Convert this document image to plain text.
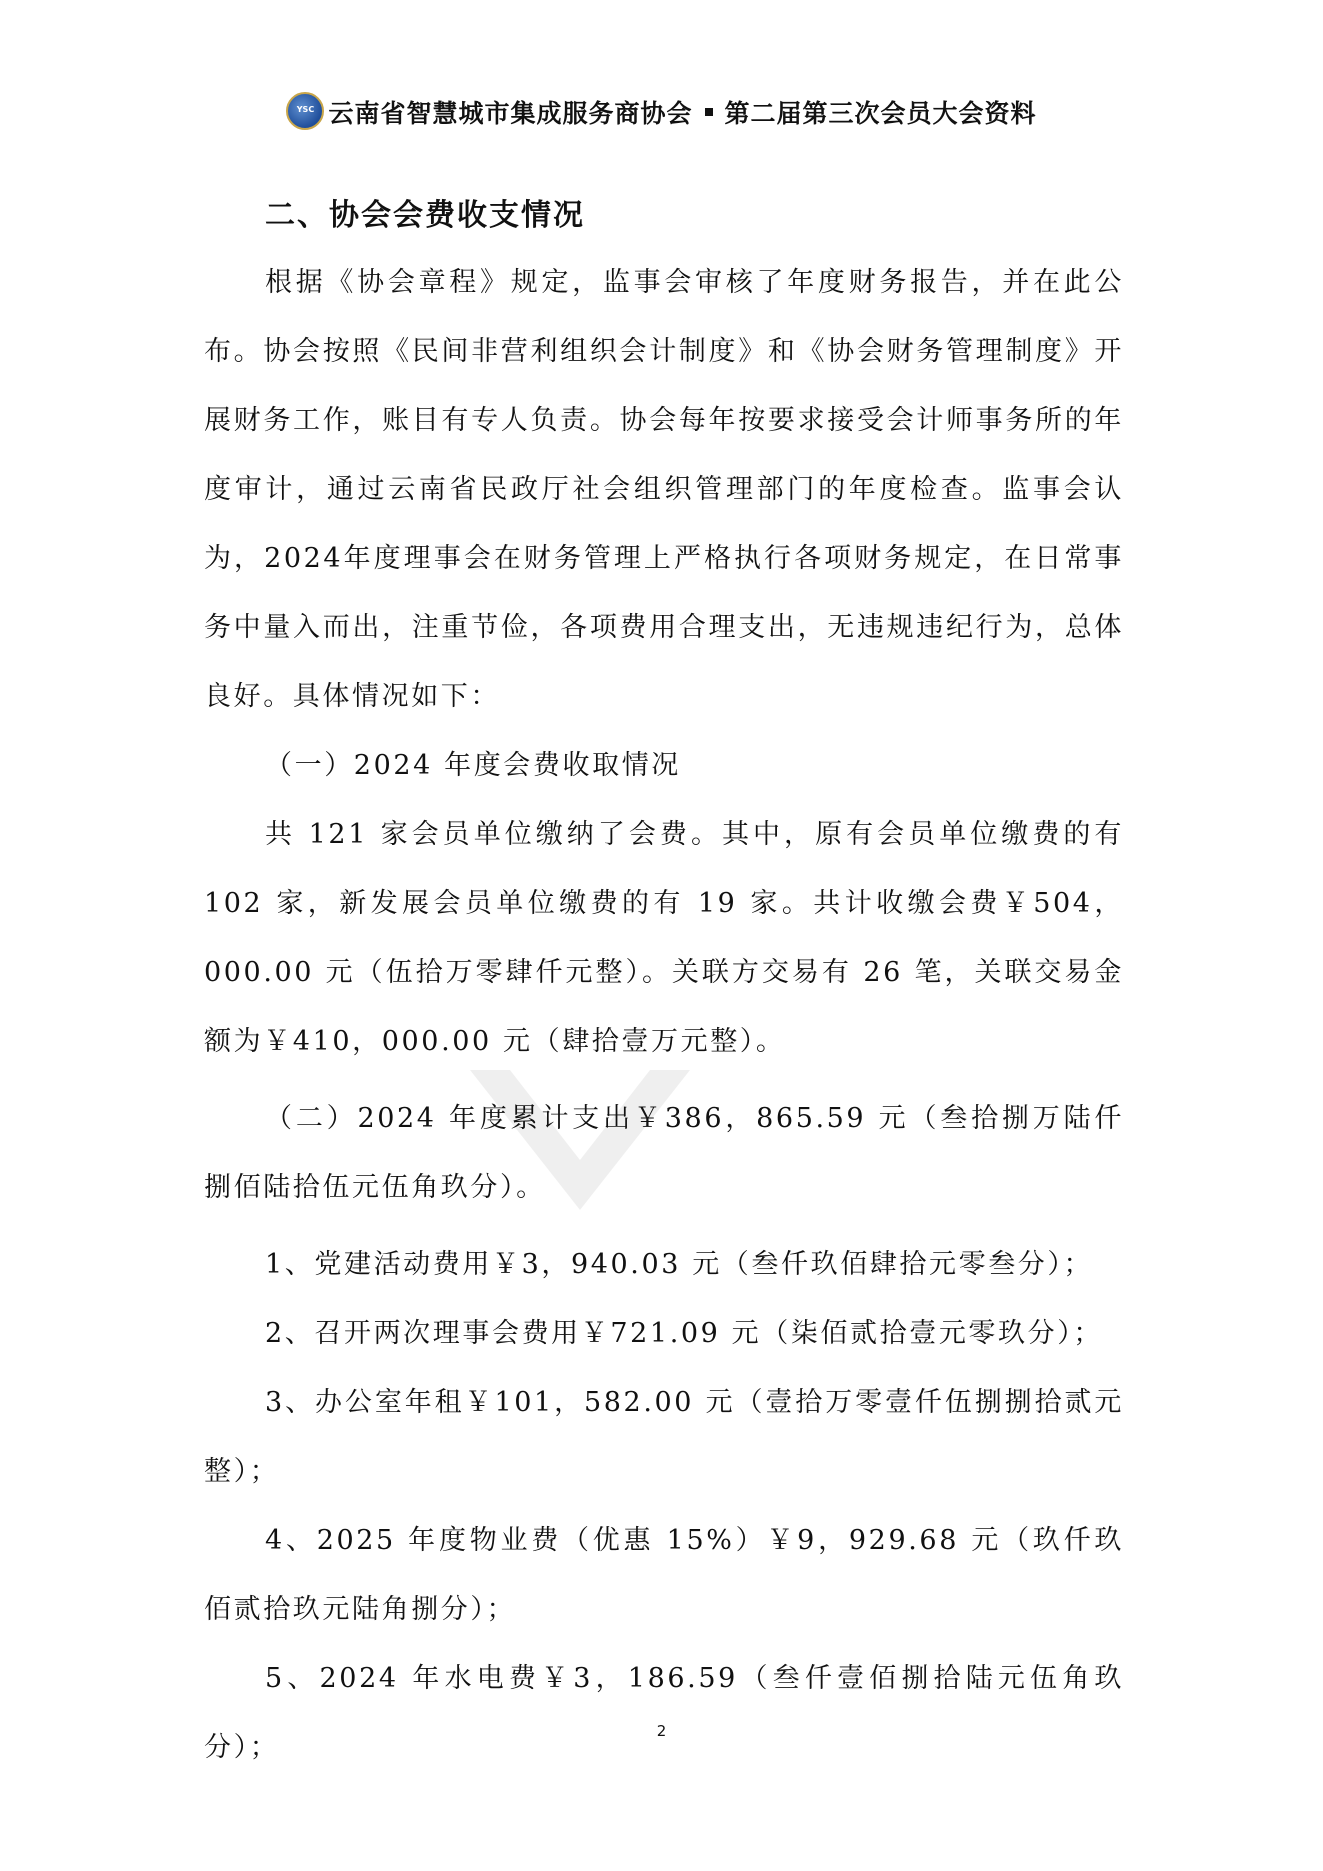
YSC 云南省智慧城市集成服务商协会 第二届第三次会员大会资料
二、协会会费收支情况

根据《协会章程》规定，监事会审核了年度财务报告，并在此公布。协会按照《民间非营利组织会计制度》和《协会财务管理制度》开展财务工作，账目有专人负责。协会每年按要求接受会计师事务所的年度审计，通过云南省民政厅社会组织管理部门的年度检查。监事会认为，2024年度理事会在财务管理上严格执行各项财务规定，在日常事务中量入而出，注重节俭，各项费用合理支出，无违规违纪行为，总体良好。具体情况如下：

（一）2024 年度会费收取情况

共 121 家会员单位缴纳了会费。其中，原有会员单位缴费的有 102 家，新发展会员单位缴费的有 19 家。共计收缴会费￥504，000.00 元（伍拾万零肆仟元整）。关联方交易有 26 笔，关联交易金额为￥410，000.00 元（肆拾壹万元整）。

（二）2024 年度累计支出￥386，865.59 元（叁拾捌万陆仟捌佰陆拾伍元伍角玖分）。

1、党建活动费用￥3，940.03 元（叁仟玖佰肆拾元零叁分）；

2、召开两次理事会费用￥721.09 元（柒佰贰拾壹元零玖分）；

3、办公室年租￥101，582.00 元（壹拾万零壹仟伍捌捌拾贰元整）；

4、2025 年度物业费（优惠 15%）￥9，929.68 元（玖仟玖佰贰拾玖元陆角捌分）；

5、2024 年水电费￥3，186.59（叁仟壹佰捌拾陆元伍角玖分）；

2
